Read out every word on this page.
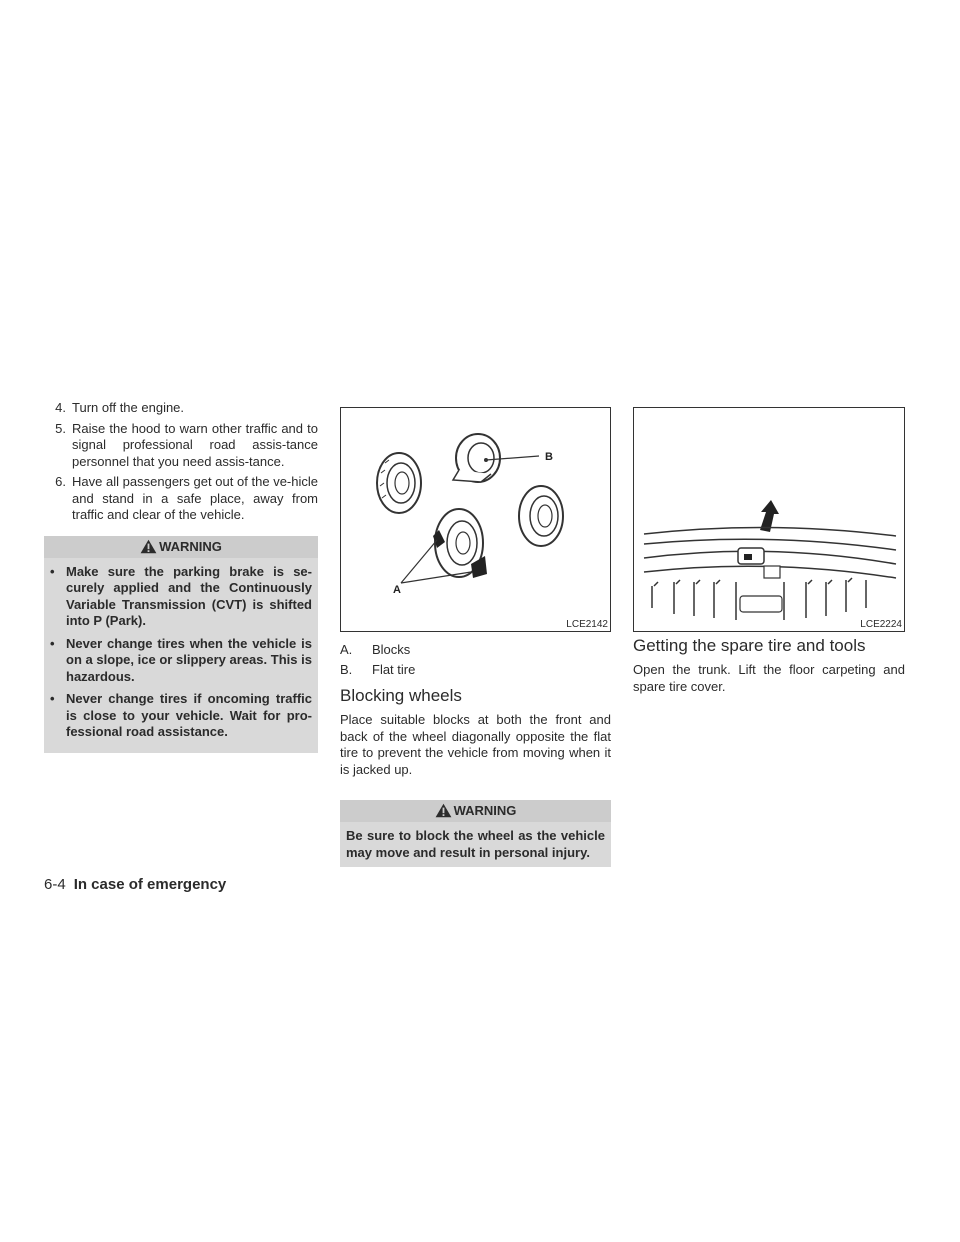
4. Turn off the engine.
5. Raise the hood to warn other traffic and to signal professional road assis-tance personnel that you need assis-tance.
6. Have all passengers get out of the ve-hicle and stand in a safe place, away from traffic and clear of the vehicle.
WARNING
• Make sure the parking brake is se-curely applied and the Continuously Variable Transmission (CVT) is shifted into P (Park).
• Never change tires when the vehicle is on a slope, ice or slippery areas. This is hazardous.
• Never change tires if oncoming traffic is close to your vehicle. Wait for pro-fessional road assistance.
B
A
LCE2142
A.	Blocks
B.	Flat tire
Blocking wheels

Place suitable blocks at both the front and back of the wheel diagonally opposite the flat tire to prevent the vehicle from moving when it is jacked up.

WARNING
Be sure to block the wheel as the vehicle may move and result in personal injury.
LCE2224
Getting the spare tire and tools

Open the trunk. Lift the floor carpeting and spare tire cover.

6-4 In case of emergency
